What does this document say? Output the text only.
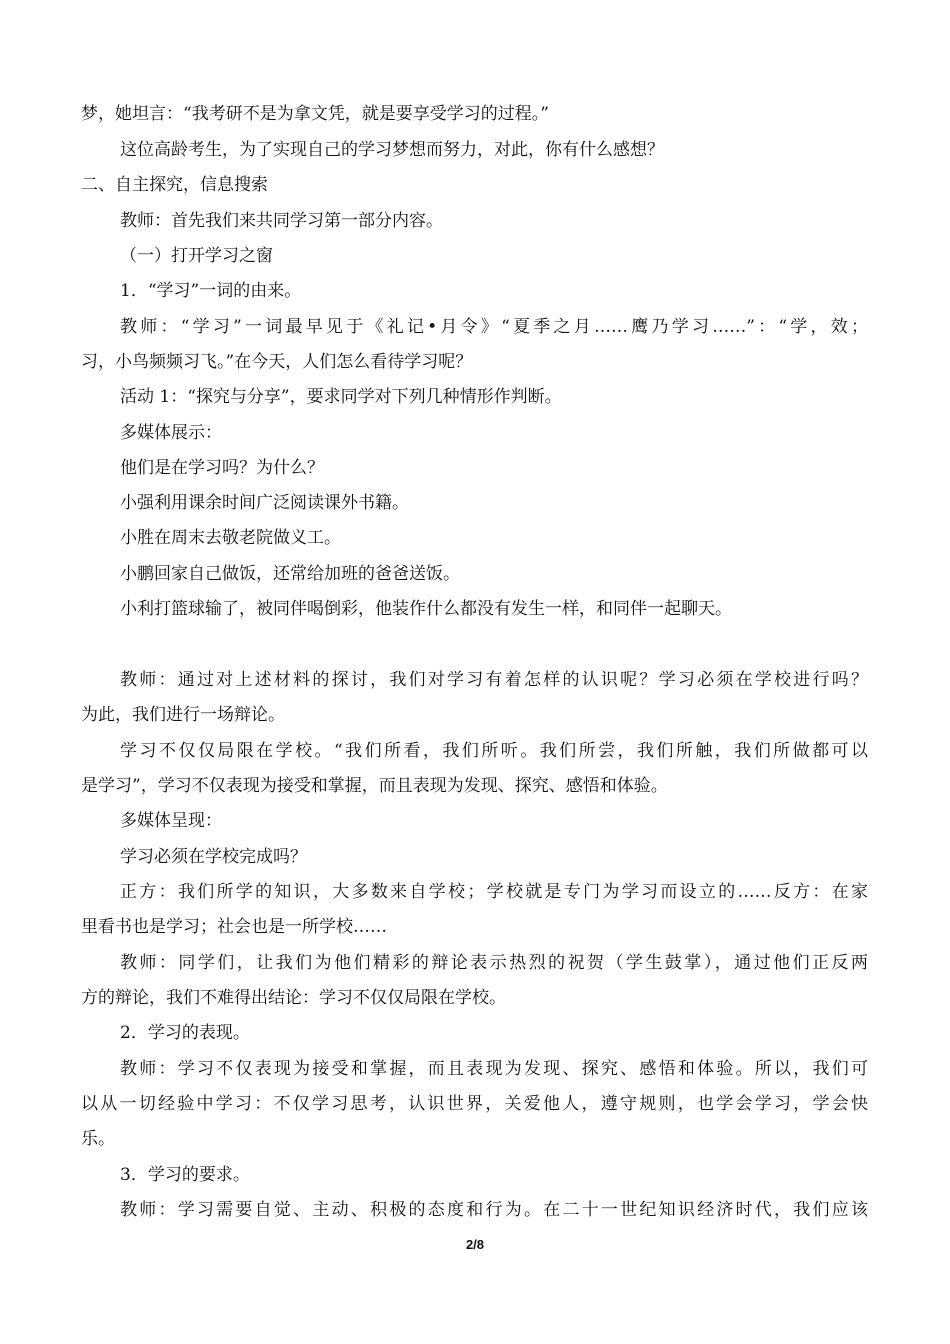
梦，她坦言：“我考研不是为拿文凭，就是要享受学习的过程。”
这位高龄考生，为了实现自己的学习梦想而努力，对此，你有什么感想？
二、自主探究，信息搜索
教师：首先我们来共同学习第一部分内容。
（一）打开学习之窗
1．“学习”一词的由来。
教师：“学习”一词最早见于《礼记•月令》“夏季之月……鹰乃学习……”：“学，效；
习，小鸟频频习飞。”在今天，人们怎么看待学习呢？
活动 1：“探究与分享”，要求同学对下列几种情形作判断。
多媒体展示：
他们是在学习吗？为什么？
小强利用课余时间广泛阅读课外书籍。
小胜在周末去敬老院做义工。
小鹏回家自己做饭，还常给加班的爸爸送饭。
小利打篮球输了，被同伴喝倒彩，他装作什么都没有发生一样，和同伴一起聊天。
教师：通过对上述材料的探讨，我们对学习有着怎样的认识呢？学习必须在学校进行吗？
为此，我们进行一场辩论。
学习不仅仅局限在学校。“我们所看，我们所听。我们所尝，我们所触，我们所做都可以
是学习”，学习不仅表现为接受和掌握，而且表现为发现、探究、感悟和体验。
多媒体呈现：
学习必须在学校完成吗？
正方：我们所学的知识，大多数来自学校；学校就是专门为学习而设立的……反方：在家
里看书也是学习；社会也是一所学校……
教师：同学们，让我们为他们精彩的辩论表示热烈的祝贺（学生鼓掌），通过他们正反两
方的辩论，我们不难得出结论：学习不仅仅局限在学校。
2．学习的表现。
教师：学习不仅表现为接受和掌握，而且表现为发现、探究、感悟和体验。所以，我们可
以从一切经验中学习：不仅学习思考，认识世界，关爱他人，遵守规则，也学会学习，学会快
乐。
3．学习的要求。
教师：学习需要自觉、主动、积极的态度和行为。在二十一世纪知识经济时代，我们应该
2/8
